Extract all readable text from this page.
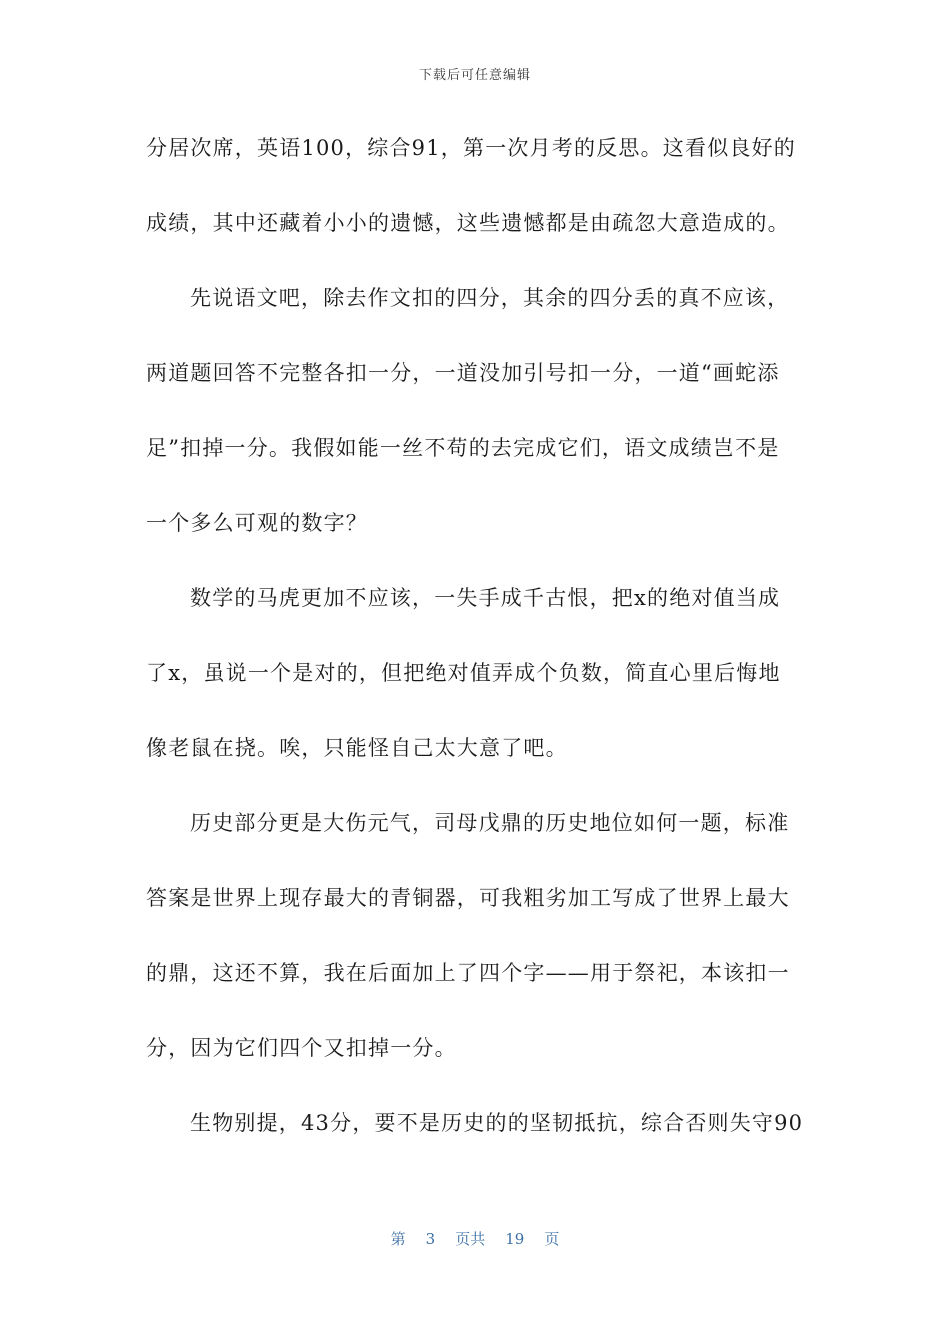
下载后可任意编辑
分居次席，英语100，综合91，第一次月考的反思。这看似良好的
成绩，其中还藏着小小的遗憾，这些遗憾都是由疏忽大意造成的。
先说语文吧，除去作文扣的四分，其余的四分丢的真不应该，
两道题回答不完整各扣一分，一道没加引号扣一分，一道“画蛇添
足”扣掉一分。我假如能一丝不苟的去完成它们，语文成绩岂不是
一个多么可观的数字？
数学的马虎更加不应该，一失手成千古恨，把x的绝对值当成
了x，虽说一个是对的，但把绝对值弄成个负数，简直心里后悔地
像老鼠在挠。唉，只能怪自己太大意了吧。
历史部分更是大伤元气，司母戊鼎的历史地位如何一题，标准
答案是世界上现存最大的青铜器，可我粗劣加工写成了世界上最大
的鼎，这还不算，我在后面加上了四个字——用于祭祀，本该扣一
分，因为它们四个又扣掉一分。
生物别提，43分，要不是历史的的坚韧抵抗，综合否则失守90
第 3 页共 19 页
